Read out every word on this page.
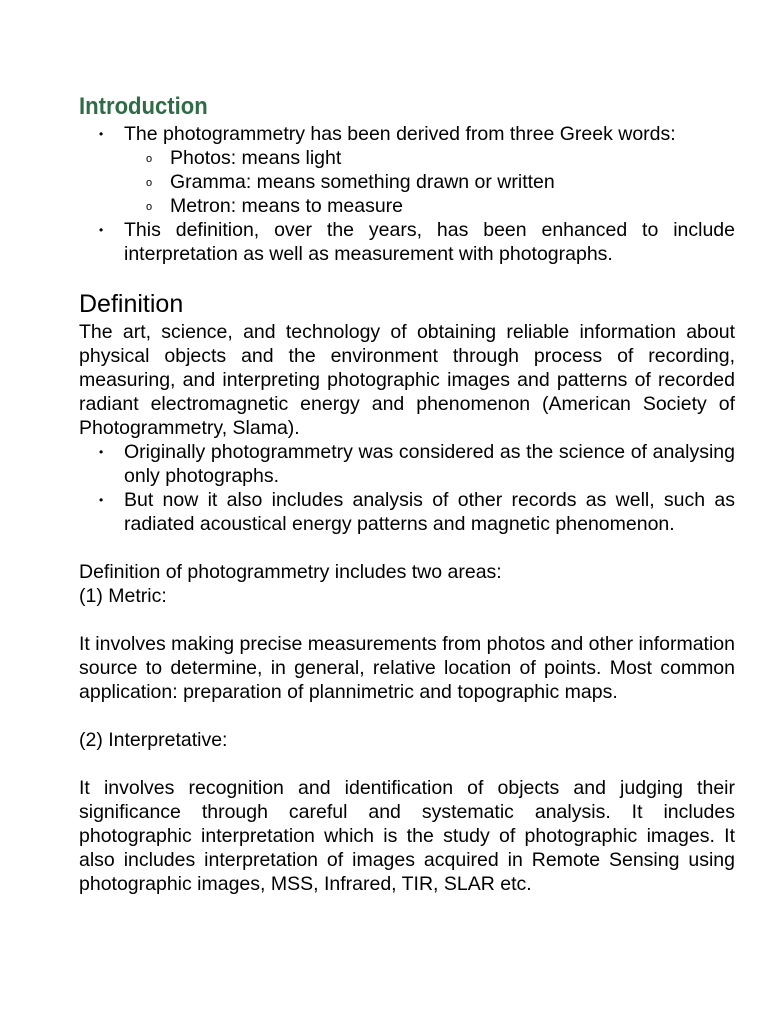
Introduction
• The photogrammetry has been derived from three Greek words:
o Photos: means light
o Gramma: means something drawn or written
o Metron: means to measure
• This definition, over the years, has been enhanced to include interpretation as well as measurement with photographs.
Definition

The art, science, and technology of obtaining reliable information about physical objects and the environment through process of recording, measuring, and interpreting photographic images and patterns of recorded radiant electromagnetic energy and phenomenon (American Society of Photogrammetry, Slama).

• Originally photogrammetry was considered as the science of analysing only photographs.
• But now it also includes analysis of other records as well, such as radiated acoustical energy patterns and magnetic phenomenon.

Definition of photogrammetry includes two areas:

(1) Metric:

It involves making precise measurements from photos and other information source to determine, in general, relative location of points. Most common application: preparation of plannimetric and topographic maps.

(2) Interpretative:

It involves recognition and identification of objects and judging their significance through careful and systematic analysis. It includes photographic interpretation which is the study of photographic images. It also includes interpretation of images acquired in Remote Sensing using photographic images, MSS, Infrared, TIR, SLAR etc.
